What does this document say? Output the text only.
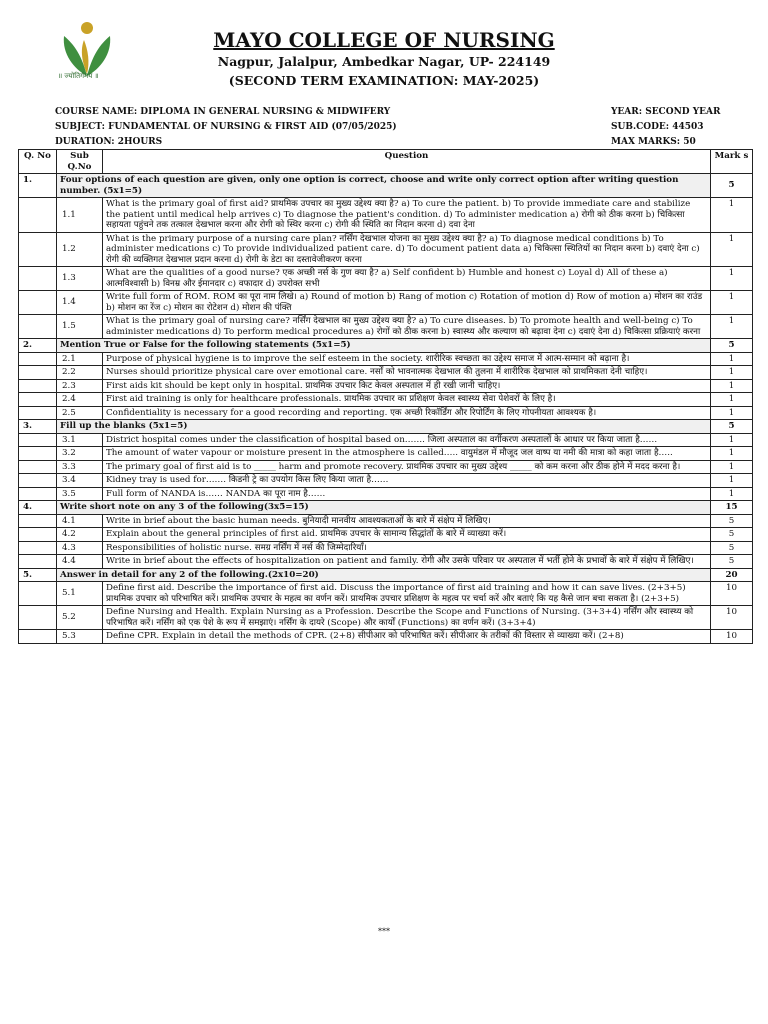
॥ ज्योतिर्गमय ॥
MAYO COLLEGE OF NURSING
Nagpur, Jalalpur, Ambedkar Nagar, UP- 224149
(SECOND TERM EXAMINATION: MAY-2025)
COURSE NAME: DIPLOMA IN GENERAL NURSING & MIDWIFERY
SUBJECT: FUNDAMENTAL OF NURSING & FIRST AID (07/05/2025)
DURATION: 2HOURS
YEAR: SECOND YEAR
SUB.CODE: 44503
MAX MARKS: 50
Q. No	Sub Q.No	Question	Mark s
1.	Four options of each question are given, only one option is correct, choose and write only correct option after writing question number. (5x1=5)		5
	1.1	What is the primary goal of first aid? प्राथमिक उपचार का मुख्य उद्देश्य क्या है? a) To cure the patient. b) To provide immediate care and stabilize the patient until medical help arrives c) To diagnose the patient's condition. d) To administer medication a) रोगी को ठीक करना b) चिकित्सा सहायता पहुंचने तक तत्काल देखभाल करना और रोगी को स्थिर करना c) रोगी की स्थिति का निदान करना d) दवा देना	1
	1.2	What is the primary purpose of a nursing care plan? नर्सिंग देखभाल योजना का मुख्य उद्देश्य क्या है? a) To diagnose medical conditions b) To administer medications c) To provide individualized patient care. d) To document patient data a) चिकित्सा स्थितियों का निदान करना b) दवाएं देना c) रोगी की व्यक्तिगत देखभाल प्रदान करना d) रोगी के डेटा का दस्तावेजीकरण करना	1
	1.3	What are the qualities of a good nurse? एक अच्छी नर्स के गुण क्या है? a) Self confident b) Humble and honest c) Loyal d) All of these a) आत्मविश्वासी b) विनम्र और ईमानदार c) वफादार d) उपरोक्त सभी	1
	1.4	Write full form of ROM. ROM का पूरा नाम लिखे। a) Round of motion b) Rang of motion c) Rotation of motion d) Row of motion a) मोशन का राउंड b) मोशन का रेंज c) मोशन का रोटेशन d) मोशन की पंक्ति	1
	1.5	What is the primary goal of nursing care? नर्सिंग देखभाल का मुख्य उद्देश्य क्या है? a) To cure diseases. b) To promote health and well-being c) To administer medications d) To perform medical procedures a) रोगों को ठीक करना b) स्वास्थ्य और कल्याण को बढ़ावा देना c) दवाएं देना d) चिकित्सा प्रक्रियाएं करना	1
2.	Mention True or False for the following statements (5x1=5)		5
	2.1	Purpose of physical hygiene is to improve the self esteem in the society. शारीरिक स्वच्छता का उद्देश्य समाज में आत्म-सम्मान को बढ़ाना है।	1
	2.2	Nurses should prioritize physical care over emotional care. नर्सों को भावनात्मक देखभाल की तुलना में शारीरिक देखभाल को प्राथमिकता देनी चाहिए।	1
	2.3	First aids kit should be kept only in hospital. प्राथमिक उपचार किट केवल अस्पताल में ही रखी जानी चाहिए।	1
	2.4	First aid training is only for healthcare professionals. प्राथमिक उपचार का प्रशिक्षण केवल स्वास्थ्य सेवा पेशेवरों के लिए है।	1
	2.5	Confidentiality is necessary for a good recording and reporting. एक अच्छी रिकॉर्डिंग और रिपोर्टिंग के लिए गोपनीयता आवश्यक है।	1
3.	Fill up the blanks (5x1=5)		5
	3.1	District hospital comes under the classification of hospital based on……. जिला अस्पताल का वर्गीकरण अस्पतालों के आधार पर किया जाता है……	1
	3.2	The amount of water vapour or moisture present in the atmosphere is called….. वायुमंडल में मौजूद जल वाष्प या नमी की मात्रा को कहा जाता है…..	1
	3.3	The primary goal of first aid is to _____ harm and promote recovery. प्राथमिक उपचार का मुख्य उद्देश्य _____ को कम करना और ठीक होने में मदद करना है।	1
	3.4	Kidney tray is used for……. किडनी ट्रे का उपयोग किस लिए किया जाता है……	1
	3.5	Full form of NANDA is…… NANDA का पूरा नाम है……	1
4.	Write short note on any 3 of the following(3x5=15)		15
	4.1	Write in brief about the basic human needs. बुनियादी मानवीय आवश्यकताओं के बारे में संक्षेप में लिखिए।	5
	4.2	Explain about the general principles of first aid. प्राथमिक उपचार के सामान्य सिद्धांतों के बारे में व्याख्या करें।	5
	4.3	Responsibilities of holistic nurse. समग्र नर्सिंग में नर्स की जिम्मेदारियाँ।	5
	4.4	Write in brief about the effects of hospitalization on patient and family. रोगी और उसके परिवार पर अस्पताल में भर्ती होने के प्रभावों के बारे में संक्षेप में लिखिए।	5
5.	Answer in detail for any 2 of the following.(2x10=20)		20
	5.1	Define first aid. Describe the importance of first aid. Discuss the importance of first aid training and how it can save lives. (2+3+5) प्राथमिक उपचार को परिभाषित करें। प्राथमिक उपचार के महत्व का वर्णन करें। प्राथमिक उपचार प्रशिक्षण के महत्व पर चर्चा करें और बताएं कि यह कैसे जान बचा सकता है। (2+3+5)	10
	5.2	Define Nursing and Health. Explain Nursing as a Profession. Describe the Scope and Functions of Nursing. (3+3+4) नर्सिंग और स्वास्थ्य को परिभाषित करें। नर्सिंग को एक पेशे के रूप में समझाएं। नर्सिंग के दायरे (Scope) और कार्यों (Functions) का वर्णन करें। (3+3+4)	10
	5.3	Define CPR. Explain in detail the methods of CPR. (2+8) सीपीआर को परिभाषित करें। सीपीआर के तरीकों की विस्तार से व्याख्या करें। (2+8)	10
***
